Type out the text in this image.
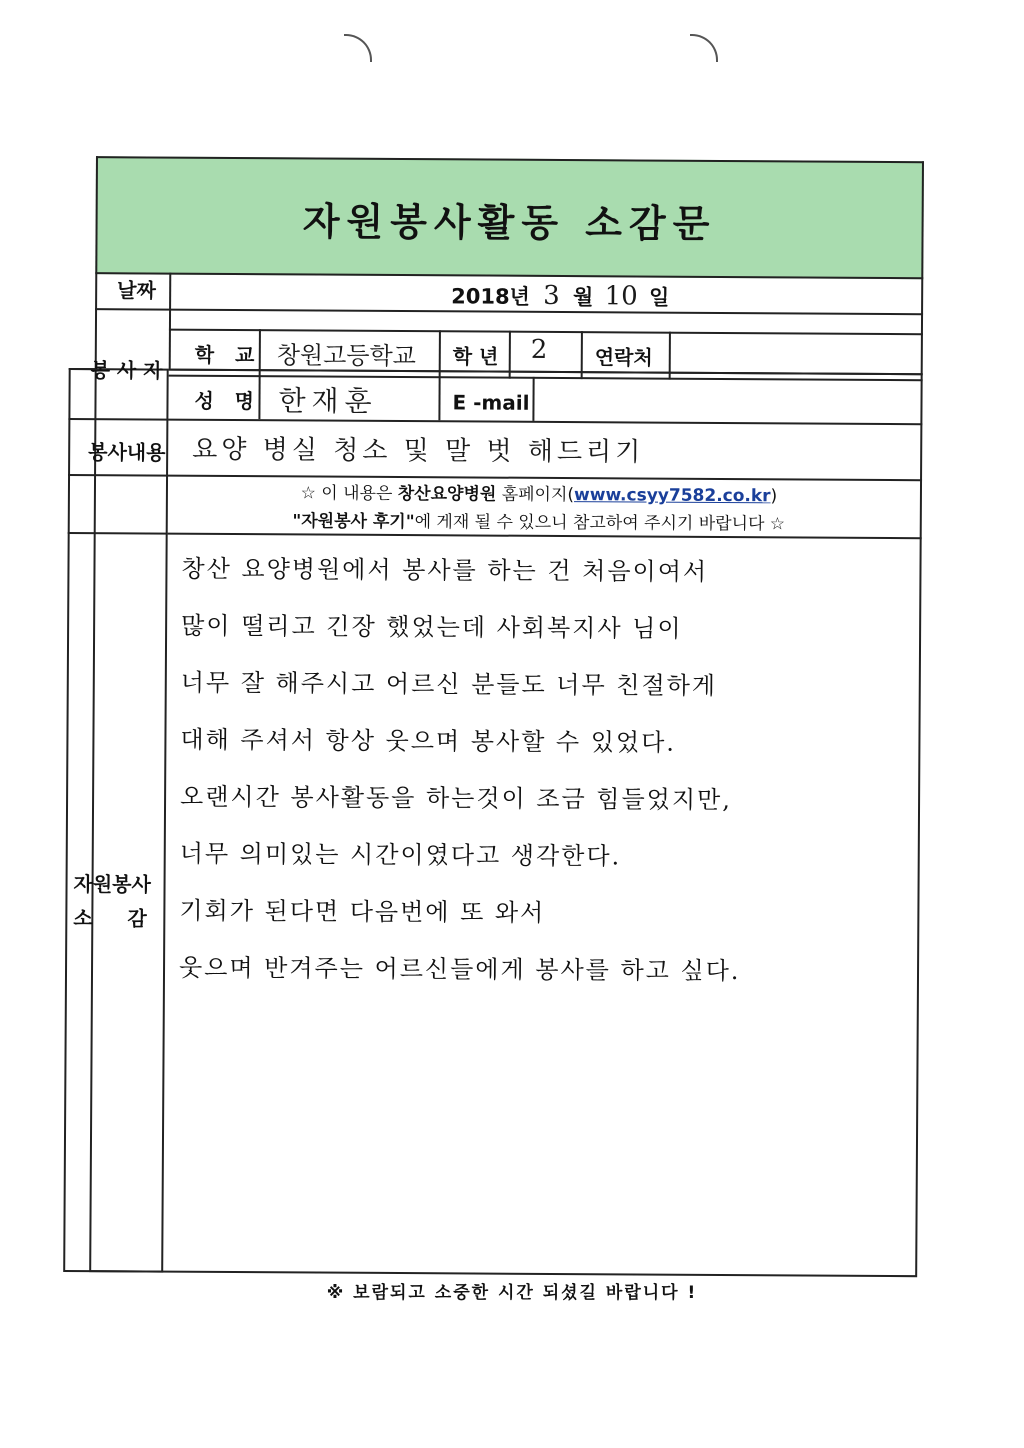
자원봉사활동 소감문
날짜	2018년 3 월 10 일
봉 사 자
학   교 창원고등학교 학 년 2 연락처
성   명 한재훈	E -mail
봉사내용 요양 병실 청소 및 말 벗 해드리기
☆ 이 내용은 창산요양병원 홈페이지(www.csyy7582.co.kr)
"자원봉사 후기"에 게재 될 수 있으니 참고하여 주시기 바랍니다 ☆
자원봉사
소     감
창산 요양병원에서 봉사를 하는 건 처음이여서
많이 떨리고 긴장 했었는데 사회복지사 님이
너무 잘 해주시고 어르신 분들도 너무 친절하게
대해 주셔서 항상 웃으며 봉사할 수 있었다.
오랜시간 봉사활동을 하는것이 조금 힘들었지만,
너무 의미있는 시간이였다고 생각한다.
기회가 된다면 다음번에 또 와서
웃으며 반겨주는 어르신들에게 봉사를 하고 싶다.
※ 보람되고 소중한 시간 되셨길 바랍니다 !
